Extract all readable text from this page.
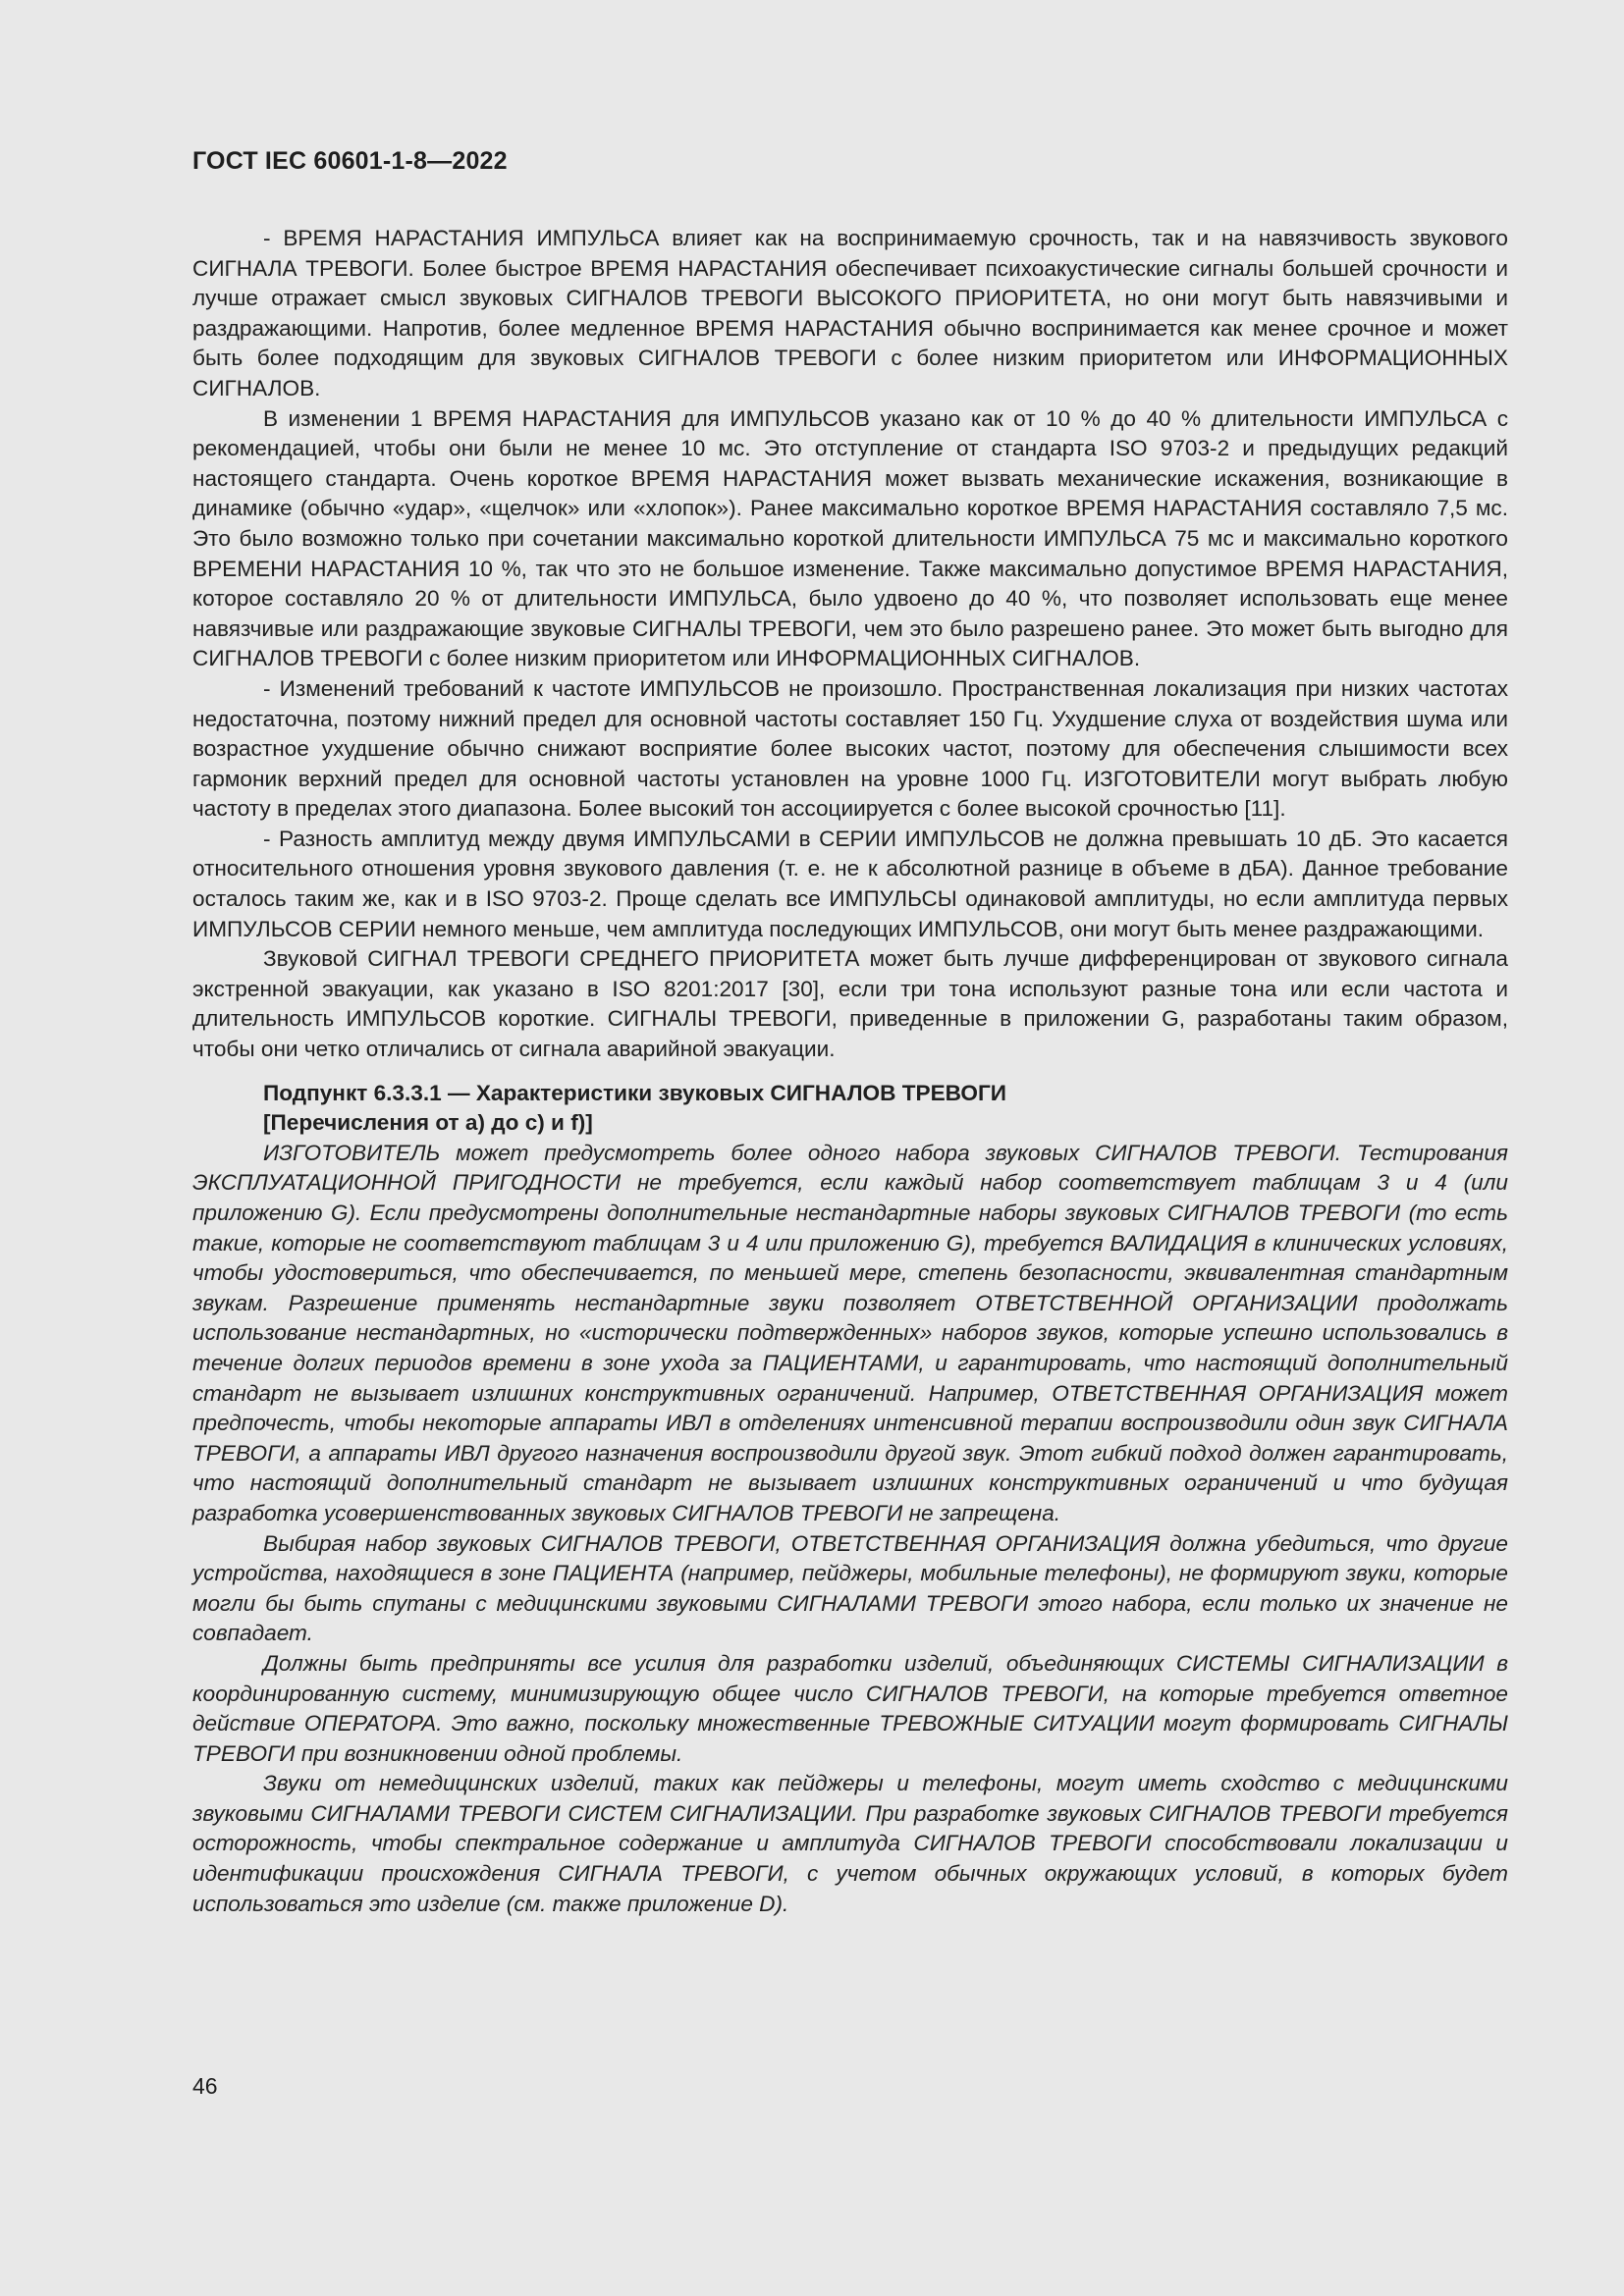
ГОСТ IEC 60601-1-8—2022

- ВРЕМЯ НАРАСТАНИЯ ИМПУЛЬСА влияет как на воспринимаемую срочность, так и на навязчивость звукового СИГНАЛА ТРЕВОГИ. Более быстрое ВРЕМЯ НАРАСТАНИЯ обеспечивает психоакустические сигналы большей срочности и лучше отражает смысл звуковых СИГНАЛОВ ТРЕВОГИ ВЫСОКОГО ПРИОРИТЕТА, но они могут быть навязчивыми и раздражающими. Напротив, более медленное ВРЕМЯ НАРАСТАНИЯ обычно воспринимается как менее срочное и может быть более подходящим для звуковых СИГНАЛОВ ТРЕВОГИ с более низким приоритетом или ИНФОРМАЦИОННЫХ СИГНАЛОВ.

В изменении 1 ВРЕМЯ НАРАСТАНИЯ для ИМПУЛЬСОВ указано как от 10 % до 40 % длительности ИМПУЛЬСА с рекомендацией, чтобы они были не менее 10 мс. Это отступление от стандарта ISO 9703-2 и предыдущих редакций настоящего стандарта. Очень короткое ВРЕМЯ НАРАСТАНИЯ может вызвать механические искажения, возникающие в динамике (обычно «удар», «щелчок» или «хлопок»). Ранее максимально короткое ВРЕМЯ НАРАСТАНИЯ составляло 7,5 мс. Это было возможно только при сочетании максимально короткой длительности ИМПУЛЬСА 75 мс и максимально короткого ВРЕМЕНИ НАРАСТАНИЯ 10 %, так что это не большое изменение. Также максимально допустимое ВРЕМЯ НАРАСТАНИЯ, которое составляло 20 % от длительности ИМПУЛЬСА, было удвоено до 40 %, что позволяет использовать еще менее навязчивые или раздражающие звуковые СИГНАЛЫ ТРЕВОГИ, чем это было разрешено ранее. Это может быть выгодно для СИГНАЛОВ ТРЕВОГИ с более низким приоритетом или ИНФОРМАЦИОННЫХ СИГНАЛОВ.

- Изменений требований к частоте ИМПУЛЬСОВ не произошло. Пространственная локализация при низких частотах недостаточна, поэтому нижний предел для основной частоты составляет 150 Гц. Ухудшение слуха от воздействия шума или возрастное ухудшение обычно снижают восприятие более высоких частот, поэтому для обеспечения слышимости всех гармоник верхний предел для основной частоты установлен на уровне 1000 Гц. ИЗГОТОВИТЕЛИ могут выбрать любую частоту в пределах этого диапазона. Более высокий тон ассоциируется с более высокой срочностью [11].

- Разность амплитуд между двумя ИМПУЛЬСАМИ в СЕРИИ ИМПУЛЬСОВ не должна превышать 10 дБ. Это касается относительного отношения уровня звукового давления (т. е. не к абсолютной разнице в объеме в дБА). Данное требование осталось таким же, как и в ISO 9703-2. Проще сделать все ИМПУЛЬСЫ одинаковой амплитуды, но если амплитуда первых ИМПУЛЬСОВ СЕРИИ немного меньше, чем амплитуда последующих ИМПУЛЬСОВ, они могут быть менее раздражающими.

Звуковой СИГНАЛ ТРЕВОГИ СРЕДНЕГО ПРИОРИТЕТА может быть лучше дифференцирован от звукового сигнала экстренной эвакуации, как указано в ISO 8201:2017 [30], если три тона используют разные тона или если частота и длительность ИМПУЛЬСОВ короткие. СИГНАЛЫ ТРЕВОГИ, приведенные в приложении G, разработаны таким образом, чтобы они четко отличались от сигнала аварийной эвакуации.

Подпункт 6.3.3.1 — Характеристики звуковых СИГНАЛОВ ТРЕВОГИ
[Перечисления от a) до c) и f)]

ИЗГОТОВИТЕЛЬ может предусмотреть более одного набора звуковых СИГНАЛОВ ТРЕВОГИ. Тестирования ЭКСПЛУАТАЦИОННОЙ ПРИГОДНОСТИ не требуется, если каждый набор соответствует таблицам 3 и 4 (или приложению G). Если предусмотрены дополнительные нестандартные наборы звуковых СИГНАЛОВ ТРЕВОГИ (то есть такие, которые не соответствуют таблицам 3 и 4 или приложению G), требуется ВАЛИДАЦИЯ в клинических условиях, чтобы удостовериться, что обеспечивается, по меньшей мере, степень безопасности, эквивалентная стандартным звукам. Разрешение применять нестандартные звуки позволяет ОТВЕТСТВЕННОЙ ОРГАНИЗАЦИИ продолжать использование нестандартных, но «исторически подтвержденных» наборов звуков, которые успешно использовались в течение долгих периодов времени в зоне ухода за ПАЦИЕНТАМИ, и гарантировать, что настоящий дополнительный стандарт не вызывает излишних конструктивных ограничений. Например, ОТВЕТСТВЕННАЯ ОРГАНИЗАЦИЯ может предпочесть, чтобы некоторые аппараты ИВЛ в отделениях интенсивной терапии воспроизводили один звук СИГНАЛА ТРЕВОГИ, а аппараты ИВЛ другого назначения воспроизводили другой звук. Этот гибкий подход должен гарантировать, что настоящий дополнительный стандарт не вызывает излишних конструктивных ограничений и что будущая разработка усовершенствованных звуковых СИГНАЛОВ ТРЕВОГИ не запрещена.

Выбирая набор звуковых СИГНАЛОВ ТРЕВОГИ, ОТВЕТСТВЕННАЯ ОРГАНИЗАЦИЯ должна убедиться, что другие устройства, находящиеся в зоне ПАЦИЕНТА (например, пейджеры, мобильные телефоны), не формируют звуки, которые могли бы быть спутаны с медицинскими звуковыми СИГНАЛАМИ ТРЕВОГИ этого набора, если только их значение не совпадает.

Должны быть предприняты все усилия для разработки изделий, объединяющих СИСТЕМЫ СИГНАЛИЗАЦИИ в координированную систему, минимизирующую общее число СИГНАЛОВ ТРЕВОГИ, на которые требуется ответное действие ОПЕРАТОРА. Это важно, поскольку множественные ТРЕВОЖНЫЕ СИТУАЦИИ могут формировать СИГНАЛЫ ТРЕВОГИ при возникновении одной проблемы.

Звуки от немедицинских изделий, таких как пейджеры и телефоны, могут иметь сходство с медицинскими звуковыми СИГНАЛАМИ ТРЕВОГИ СИСТЕМ СИГНАЛИЗАЦИИ. При разработке звуковых СИГНАЛОВ ТРЕВОГИ требуется осторожность, чтобы спектральное содержание и амплитуда СИГНАЛОВ ТРЕВОГИ способствовали локализации и идентификации происхождения СИГНАЛА ТРЕВОГИ, с учетом обычных окружающих условий, в которых будет использоваться это изделие (см. также приложение D).

46
